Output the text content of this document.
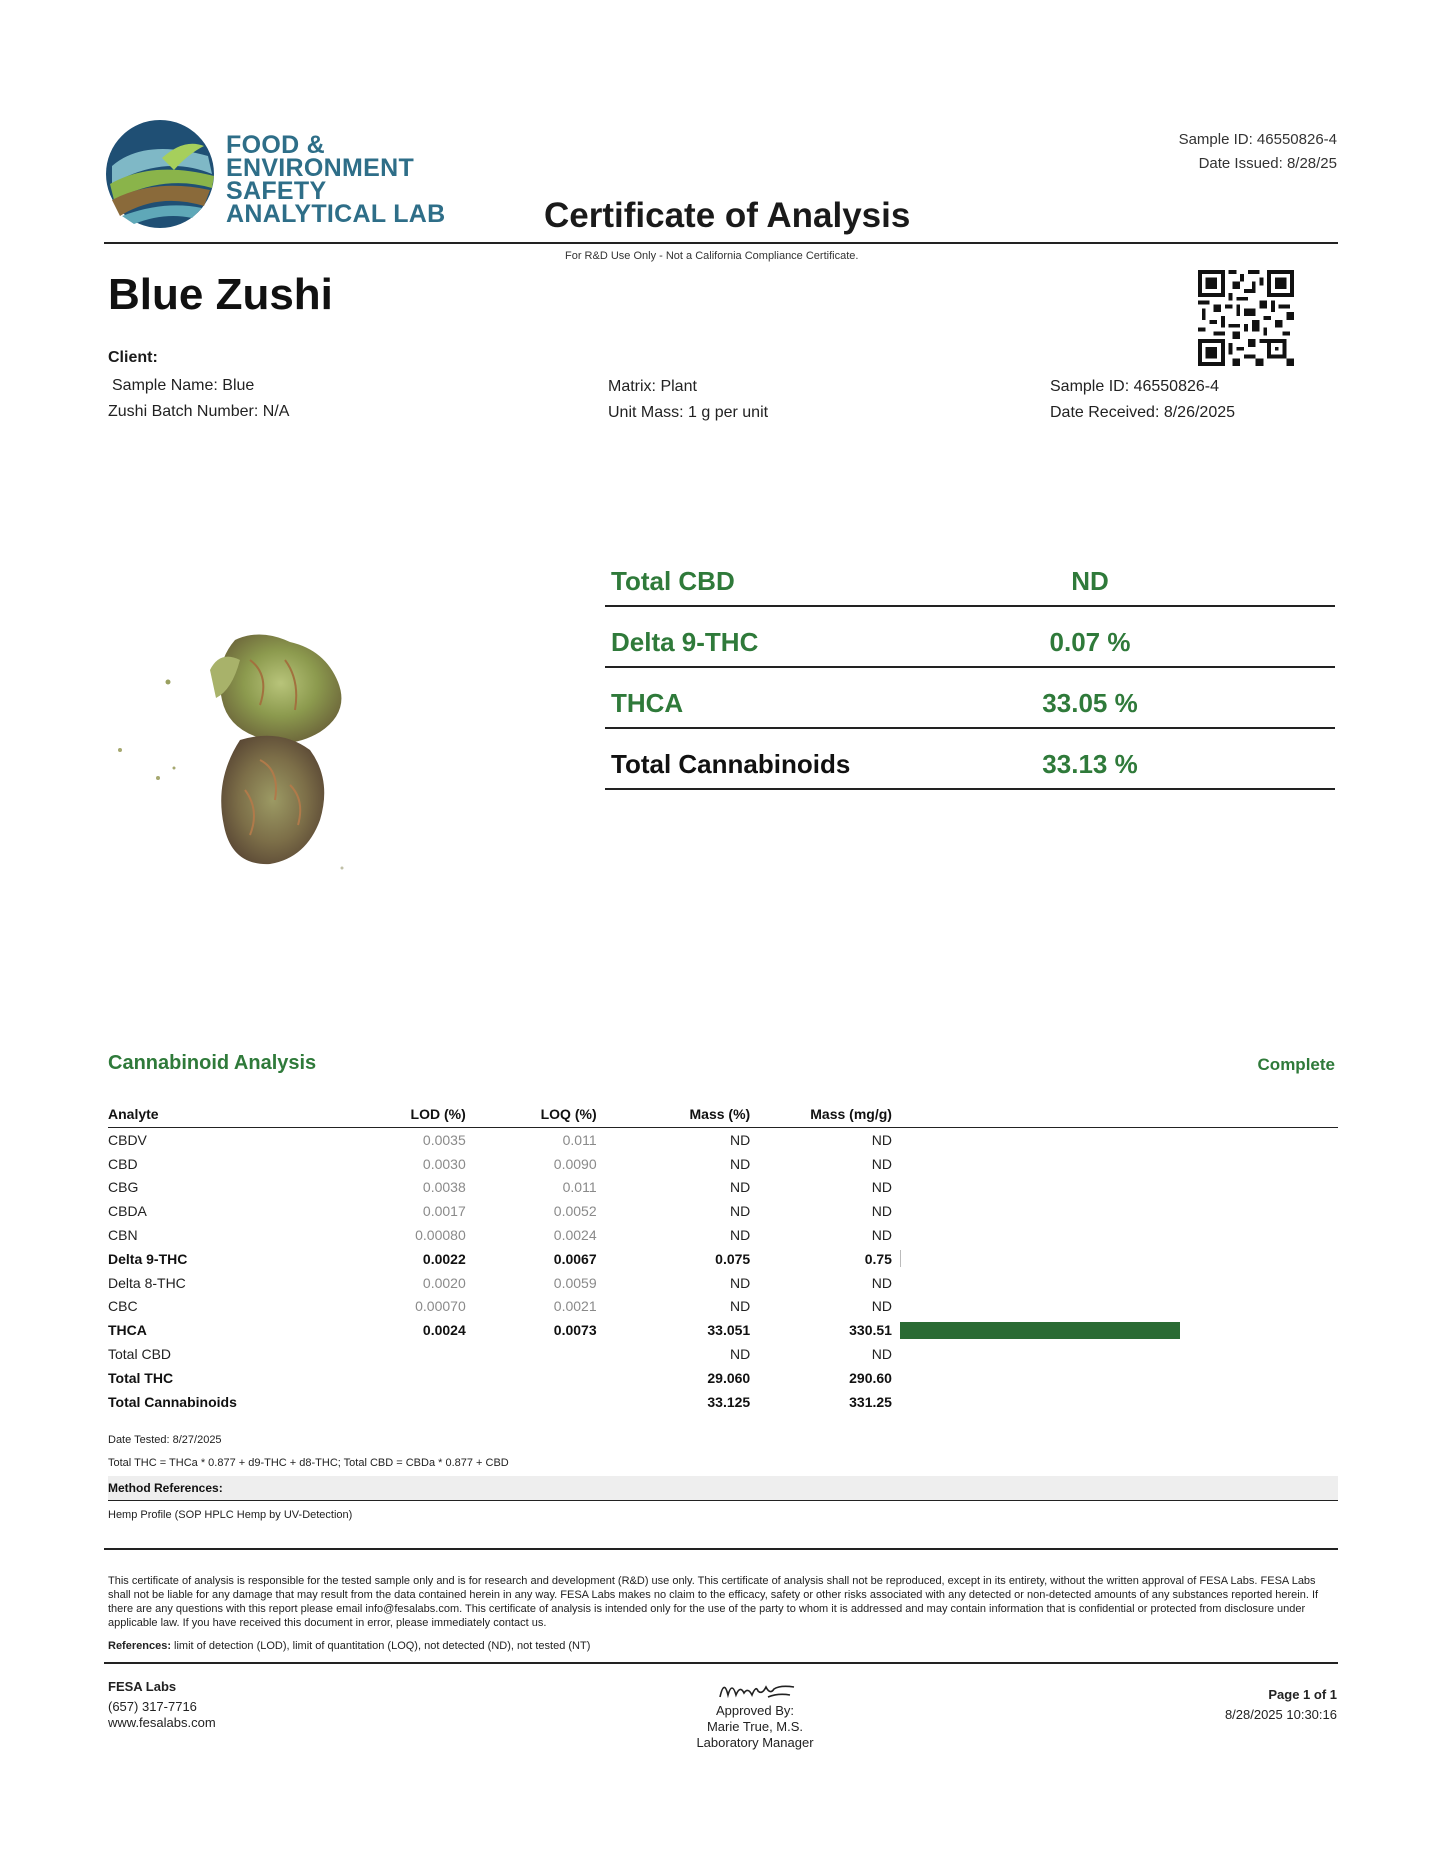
FOOD &
ENVIRONMENT
SAFETY
ANALYTICAL LAB	Certificate of Analysis
Sample ID: 46550826-4
Date Issued: 8/28/25
For R&D Use Only - Not a California Compliance Certificate.
Blue Zushi
Client:
Sample Name: Blue
Zushi Batch Number: N/A
Matrix: Plant
Unit Mass: 1 g per unit
Sample ID: 46550826-4
Date Received: 8/26/2025
Total CBD	ND
Delta 9-THC	0.07 %
THCA	33.05 %
Total Cannabinoids	33.13 %
Cannabinoid Analysis	Complete
Analyte	LOD (%)	LOQ (%)	Mass (%)	Mass (mg/g)	
CBDV	0.0035	0.011	ND	ND	
CBD	0.0030	0.0090	ND	ND	
CBG	0.0038	0.011	ND	ND	
CBDA	0.0017	0.0052	ND	ND	
CBN	0.00080	0.0024	ND	ND	
Delta 9-THC	0.0022	0.0067	0.075	0.75	

Delta 8-THC	0.0020	0.0059	ND	ND	
CBC	0.00070	0.0021	ND	ND	
THCA	0.0024	0.0073	33.051	330.51	

Total CBD			ND	ND	
Total THC			29.060	290.60	
Total Cannabinoids			33.125	331.25	
Date Tested: 8/27/2025
Total THC = THCa * 0.877 + d9-THC + d8-THC; Total CBD = CBDa * 0.877 + CBD
Method References:
Hemp Profile (SOP HPLC Hemp by UV-Detection)
This certificate of analysis is responsible for the tested sample only and is for research and development (R&D) use only. This certificate of analysis shall not be reproduced, except in its entirety, without the written approval of FESA Labs. FESA Labs shall not be liable for any damage that may result from the data contained herein in any way. FESA Labs makes no claim to the efficacy, safety or other risks associated with any detected or non-detected amounts of any substances reported herein. If there are any questions with this report please email info@fesalabs.com. This certificate of analysis is intended only for the use of the party to whom it is addressed and may contain information that is confidential or protected from disclosure under applicable law. If you have received this document in error, please immediately contact us.
References: limit of detection (LOD), limit of quantitation (LOQ), not detected (ND), not tested (NT)
FESA Labs
(657) 317-7716
www.fesalabs.com
Approved By:
Marie True, M.S.
Laboratory Manager
Page 1 of 1
8/28/2025 10:30:16
